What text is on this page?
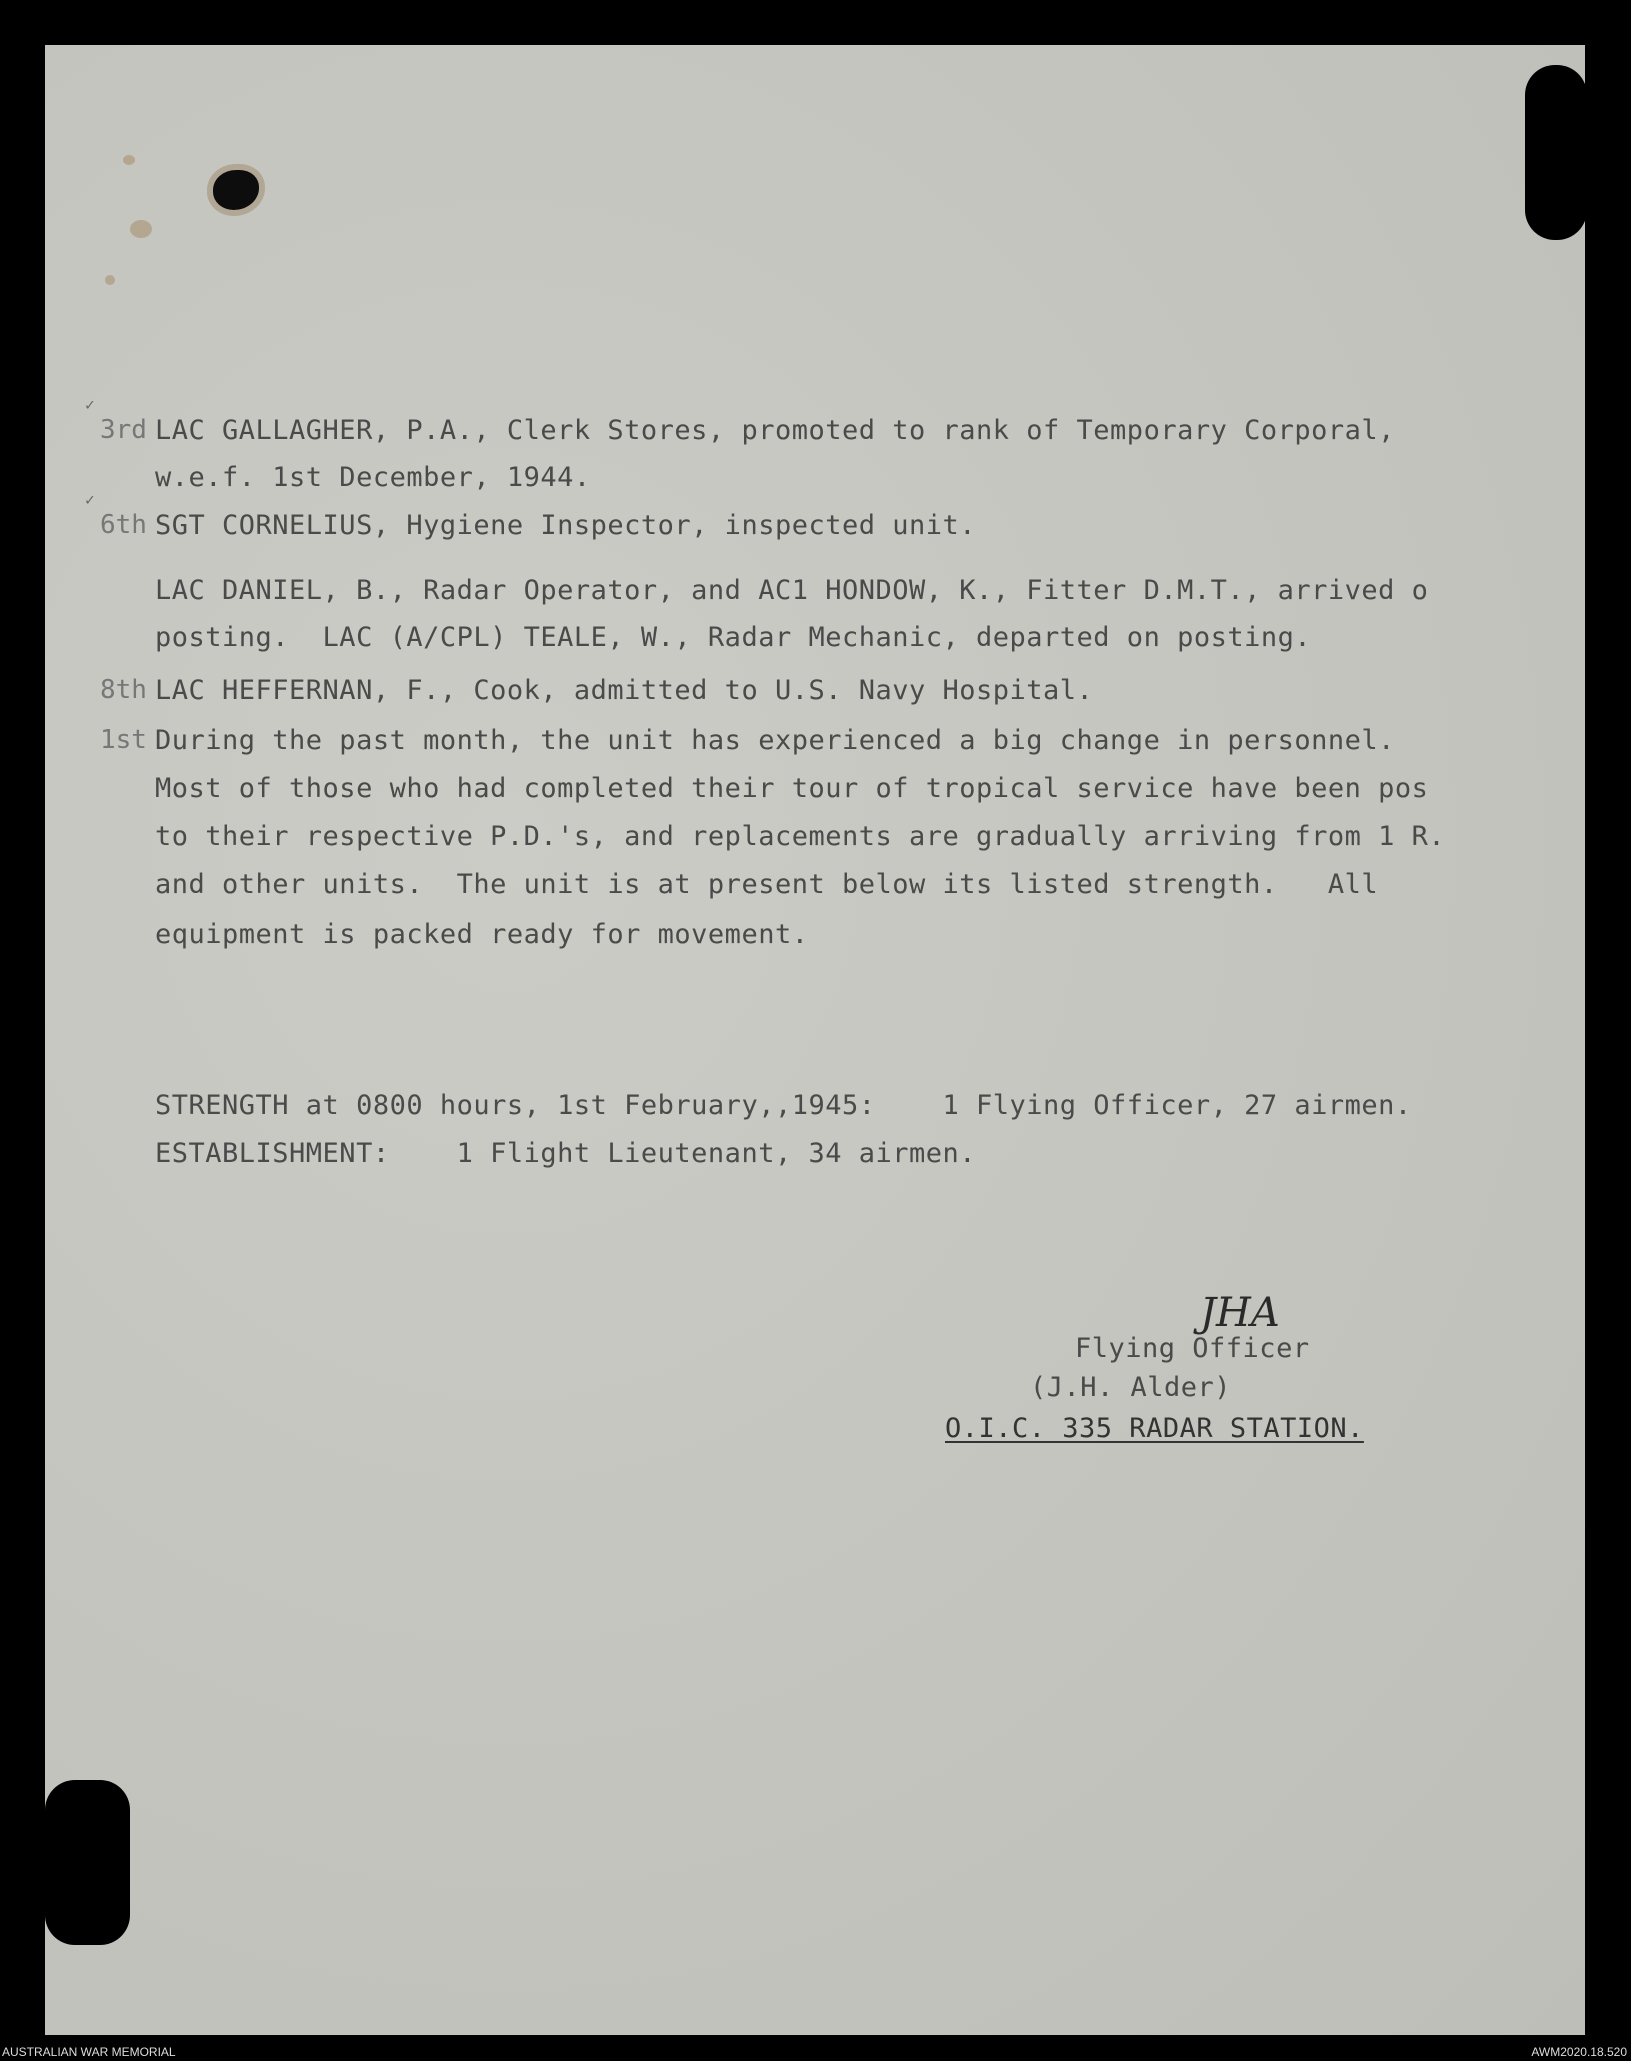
✓
3rd
✓
6th
8th
1st
LAC GALLAGHER, P.A., Clerk Stores, promoted to rank of Temporary Corporal,
w.e.f. 1st December, 1944.
SGT CORNELIUS, Hygiene Inspector, inspected unit.
LAC DANIEL, B., Radar Operator, and AC1 HONDOW, K., Fitter D.M.T., arrived o
posting.  LAC (A/CPL) TEALE, W., Radar Mechanic, departed on posting.
LAC HEFFERNAN, F., Cook, admitted to U.S. Navy Hospital.
During the past month, the unit has experienced a big change in personnel.
Most of those who had completed their tour of tropical service have been pos
to their respective P.D.'s, and replacements are gradually arriving from 1 R.
and other units.  The unit is at present below its listed strength.   All
equipment is packed ready for movement.
STRENGTH at 0800 hours, 1st February,,1945:    1 Flying Officer, 27 airmen.
ESTABLISHMENT:    1 Flight Lieutenant, 34 airmen.
JHA
Flying Officer
(J.H. Alder)
O.I.C. 335 RADAR STATION.
AUSTRALIAN WAR MEMORIAL	AWM2020.18.520
